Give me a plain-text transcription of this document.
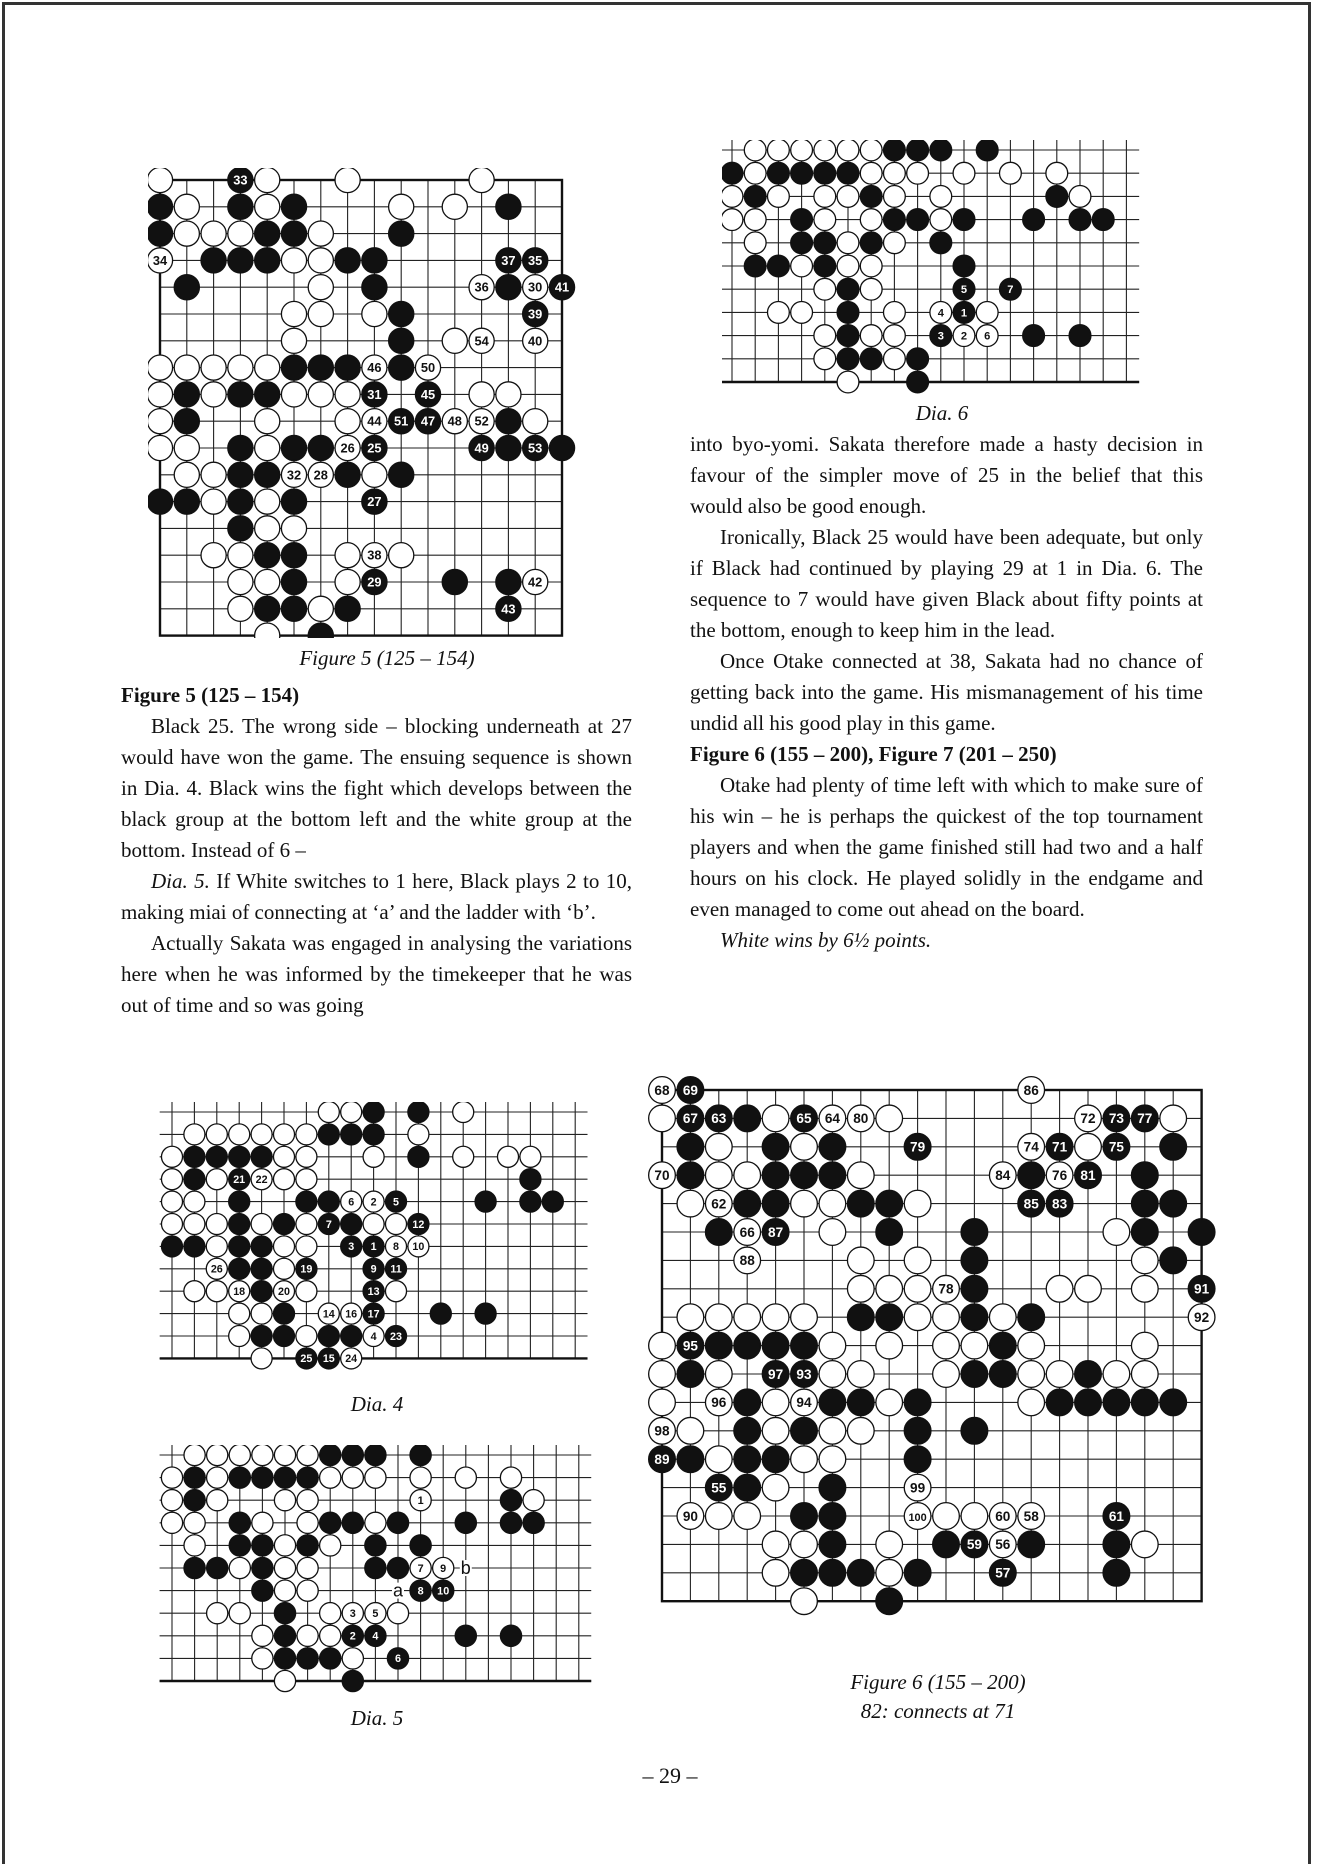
33
34	37 35
36	30 41
39
54	40
46	50
31	45
44 51 47 48 52
26 25	49	53
32 28
27
38
29	42
43
Figure 5 (125 – 154)
5	7
4 1
3 2 6
Dia. 6

Figure 5 (125 – 154)

Black 25. The wrong side – blocking underneath at 27 would have won the game. The ensuing sequence is shown in Dia. 4. Black wins the fight which develops between the black group at the bottom left and the white group at the bottom. Instead of 6 –

Dia. 5. If White switches to 1 here, Black plays 2 to 10, making miai of connecting at ‘a’ and the ladder with ‘b’.

Actually Sakata was engaged in analysing the variations here when he was informed by the timekeeper that he was out of time and so was going

into byo-yomi. Sakata therefore made a hasty decision in favour of the simpler move of 25 in the belief that this would also be good enough.

Ironically, Black 25 would have been adequate, but only if Black had continued by playing 29 at 1 in Dia. 6. The sequence to 7 would have given Black about fifty points at the bottom, enough to keep him in the lead.

Once Otake connected at 38, Sakata had no chance of getting back into the game. His mismanagement of his time undid all his good play in this game.

Figure 6 (155 – 200), Figure 7 (201 – 250)

Otake had plenty of time left with which to make sure of his win – he is perhaps the quickest of the top tournament players and when the game finished still had two and a half hours on his clock. He played solidly in the endgame and even managed to come out ahead on the board.

White wins by 6½ points.

21 22
6 2 5
7	12
3 1 8 10
26	19	9 11
18	20	13
14 16 17
4 23
25 15 24
Dia. 4
1
7 9
8 10
3 5
2 4
6
b
a
Dia. 5
68 69	86
67 63	65 64 80	72 73 77
79	74 71	75
70	84	76 81
62	85 83
66 87
88
78	91
92
95
97 93
96	94
98
89
55	99
90	100	60 58	61
59 56
57
Figure 6 (155 – 200)
82: connects at 71
– 29 –
